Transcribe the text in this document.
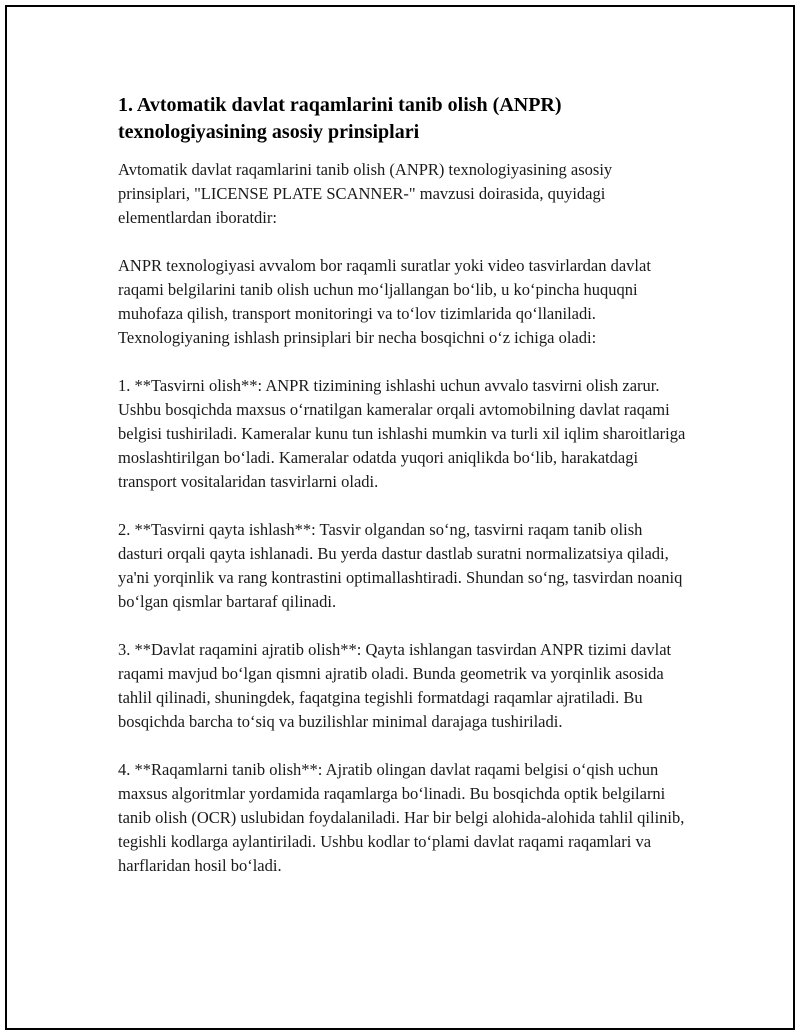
1. Avtomatik davlat raqamlarini tanib olish (ANPR) texnologiyasining asosiy prinsiplari

Avtomatik davlat raqamlarini tanib olish (ANPR) texnologiyasining asosiy prinsiplari, "LICENSE PLATE SCANNER-" mavzusi doirasida, quyidagi elementlardan iboratdir:

ANPR texnologiyasi avvalom bor raqamli suratlar yoki video tasvirlardan davlat raqami belgilarini tanib olish uchun moʻljallangan boʻlib, u koʻpincha huquqni muhofaza qilish, transport monitoringi va toʻlov tizimlarida qoʻllaniladi. Texnologiyaning ishlash prinsiplari bir necha bosqichni oʻz ichiga oladi:

1. **Tasvirni olish**: ANPR tizimining ishlashi uchun avvalo tasvirni olish zarur. Ushbu bosqichda maxsus oʻrnatilgan kameralar orqali avtomobilning davlat raqami belgisi tushiriladi. Kameralar kunu tun ishlashi mumkin va turli xil iqlim sharoitlariga moslashtirilgan boʻladi. Kameralar odatda yuqori aniqlikda boʻlib, harakatdagi transport vositalaridan tasvirlarni oladi.

2. **Tasvirni qayta ishlash**: Tasvir olgandan soʻng, tasvirni raqam tanib olish dasturi orqali qayta ishlanadi. Bu yerda dastur dastlab suratni normalizatsiya qiladi, ya'ni yorqinlik va rang kontrastini optimallashtiradi. Shundan soʻng, tasvirdan noaniq boʻlgan qismlar bartaraf qilinadi.

3. **Davlat raqamini ajratib olish**: Qayta ishlangan tasvirdan ANPR tizimi davlat raqami mavjud boʻlgan qismni ajratib oladi. Bunda geometrik va yorqinlik asosida tahlil qilinadi, shuningdek, faqatgina tegishli formatdagi raqamlar ajratiladi. Bu bosqichda barcha toʻsiq va buzilishlar minimal darajaga tushiriladi.

4. **Raqamlarni tanib olish**: Ajratib olingan davlat raqami belgisi oʻqish uchun maxsus algoritmlar yordamida raqamlarga boʻlinadi. Bu bosqichda optik belgilarni tanib olish (OCR) uslubidan foydalaniladi. Har bir belgi alohida-alohida tahlil qilinib, tegishli kodlarga aylantiriladi. Ushbu kodlar toʻplami davlat raqami raqamlari va harflaridan hosil boʻladi.
